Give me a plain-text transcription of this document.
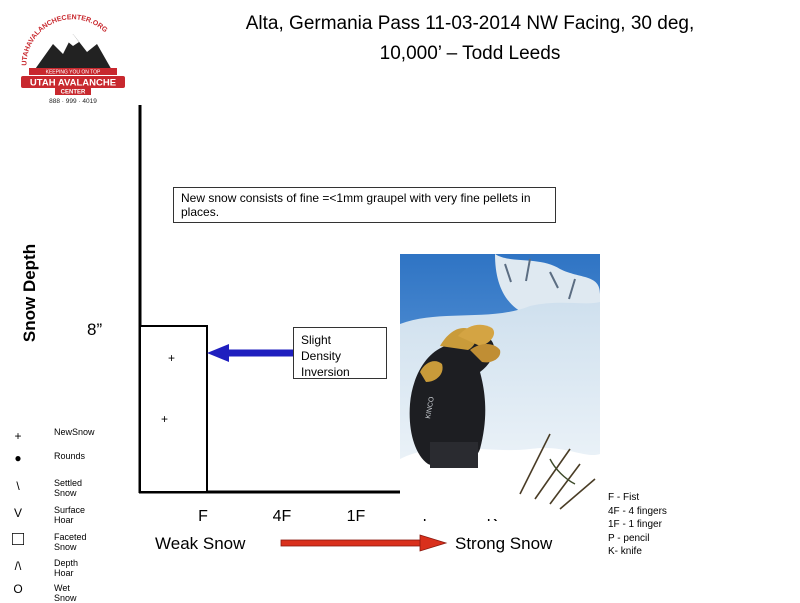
UTAHAVALANCHECENTER.ORG
KEEPING YOU ON TOP
UTAH AVALANCHE
CENTER
888 · 999 · 4019
Alta, Germania Pass 11-03-2014 NW Facing, 30 deg,
10,000’ – Todd Leeds
Snow Depth	8”
+
+
New snow consists of fine =<1mm graupel with very fine pellets in places.
Slight
Density
Inversion
F	4F	1F
Weak Snow	Strong Snow
KINCO
+	NewSnow
●	Rounds
\	Settled Snow
V	Surface Hoar
□	Faceted Snow
/\	Depth Hoar
O	Wet Snow
F - Fist
4F - 4 fingers
1F - 1 finger
P - pencil
K- knife
